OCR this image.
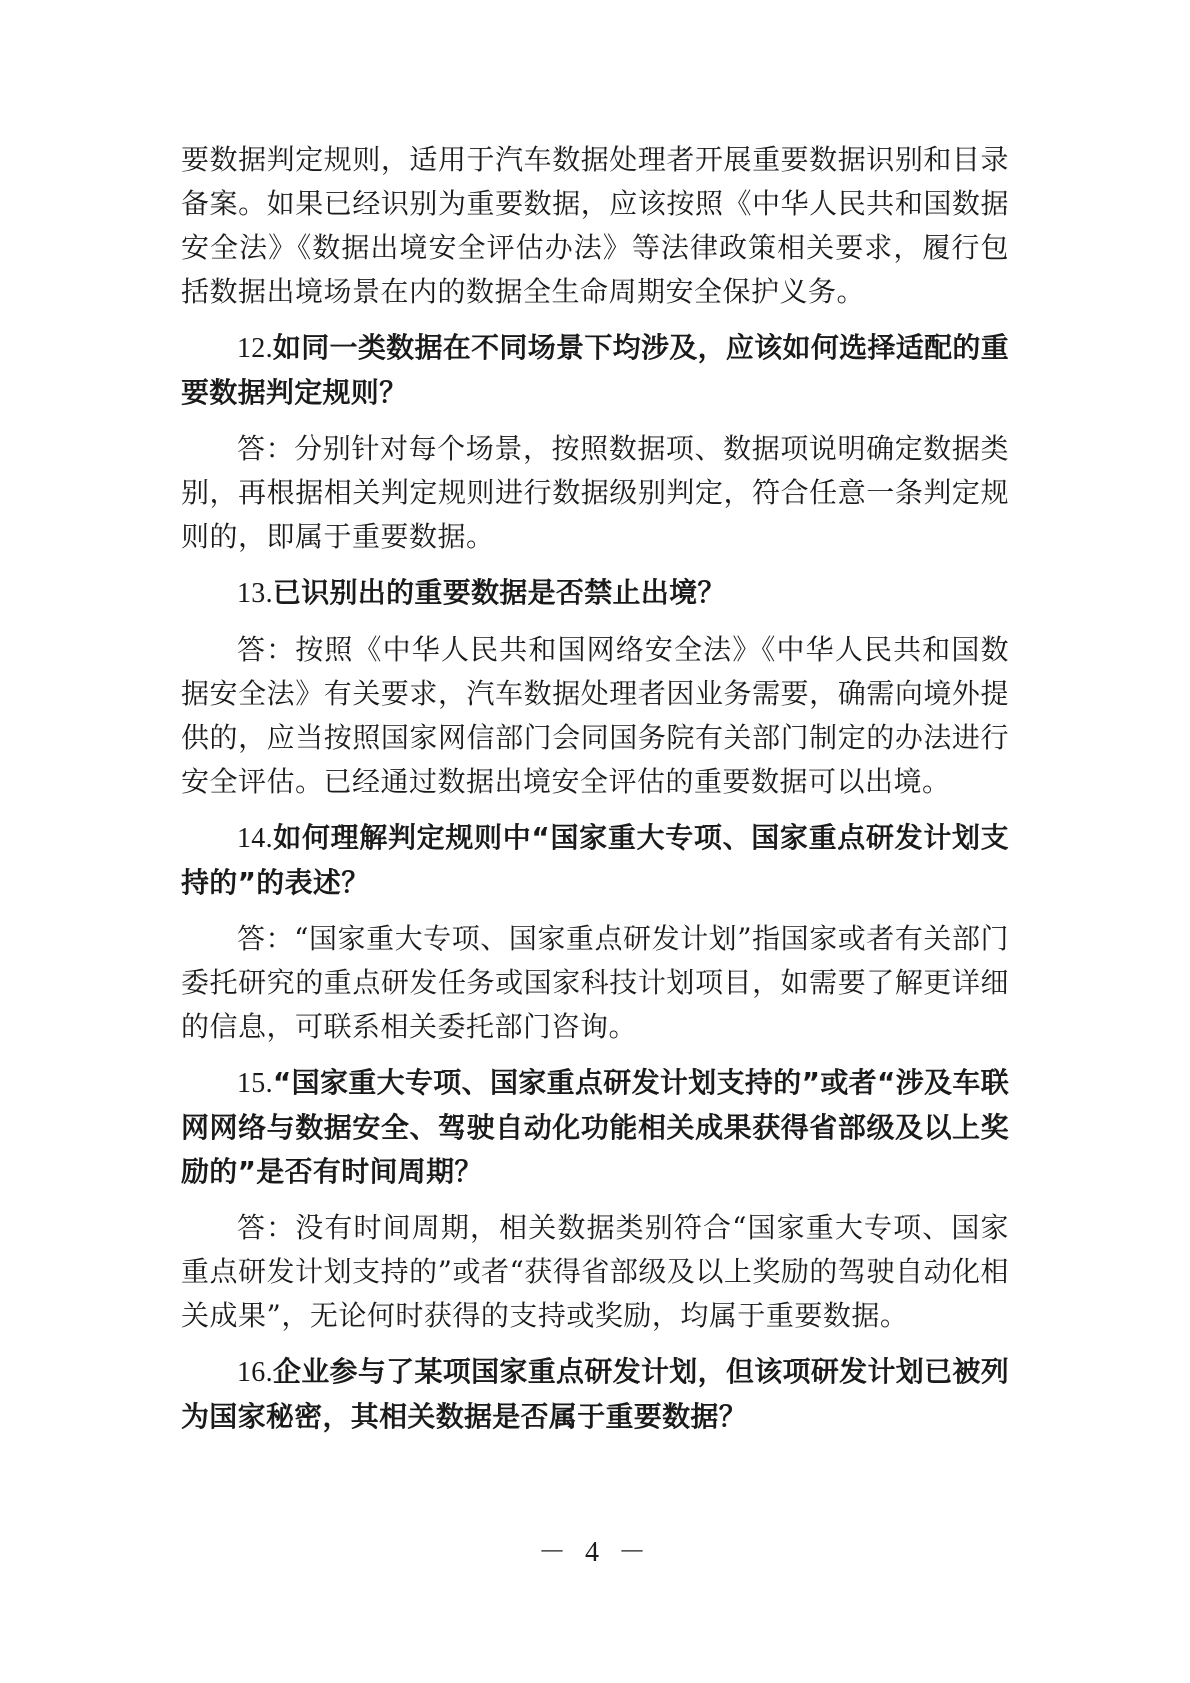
要数据判定规则，适用于汽车数据处理者开展重要数据识别和目录备案。如果已经识别为重要数据，应该按照《中华人民共和国数据安全法》《数据出境安全评估办法》等法律政策相关要求，履行包括数据出境场景在内的数据全生命周期安全保护义务。

12.如同一类数据在不同场景下均涉及，应该如何选择适配的重要数据判定规则？

答：分别针对每个场景，按照数据项、数据项说明确定数据类别，再根据相关判定规则进行数据级别判定，符合任意一条判定规则的，即属于重要数据。

13.已识别出的重要数据是否禁止出境？

答：按照《中华人民共和国网络安全法》《中华人民共和国数据安全法》有关要求，汽车数据处理者因业务需要，确需向境外提供的，应当按照国家网信部门会同国务院有关部门制定的办法进行安全评估。已经通过数据出境安全评估的重要数据可以出境。

14.如何理解判定规则中“国家重大专项、国家重点研发计划支持的”的表述？

答：“国家重大专项、国家重点研发计划”指国家或者有关部门委托研究的重点研发任务或国家科技计划项目，如需要了解更详细的信息，可联系相关委托部门咨询。

15.“国家重大专项、国家重点研发计划支持的”或者“涉及车联网网络与数据安全、驾驶自动化功能相关成果获得省部级及以上奖励的”是否有时间周期？

答：没有时间周期，相关数据类别符合“国家重大专项、国家重点研发计划支持的”或者“获得省部级及以上奖励的驾驶自动化相关成果”，无论何时获得的支持或奖励，均属于重要数据。

16.企业参与了某项国家重点研发计划，但该项研发计划已被列为国家秘密，其相关数据是否属于重要数据？

－ 4 －
